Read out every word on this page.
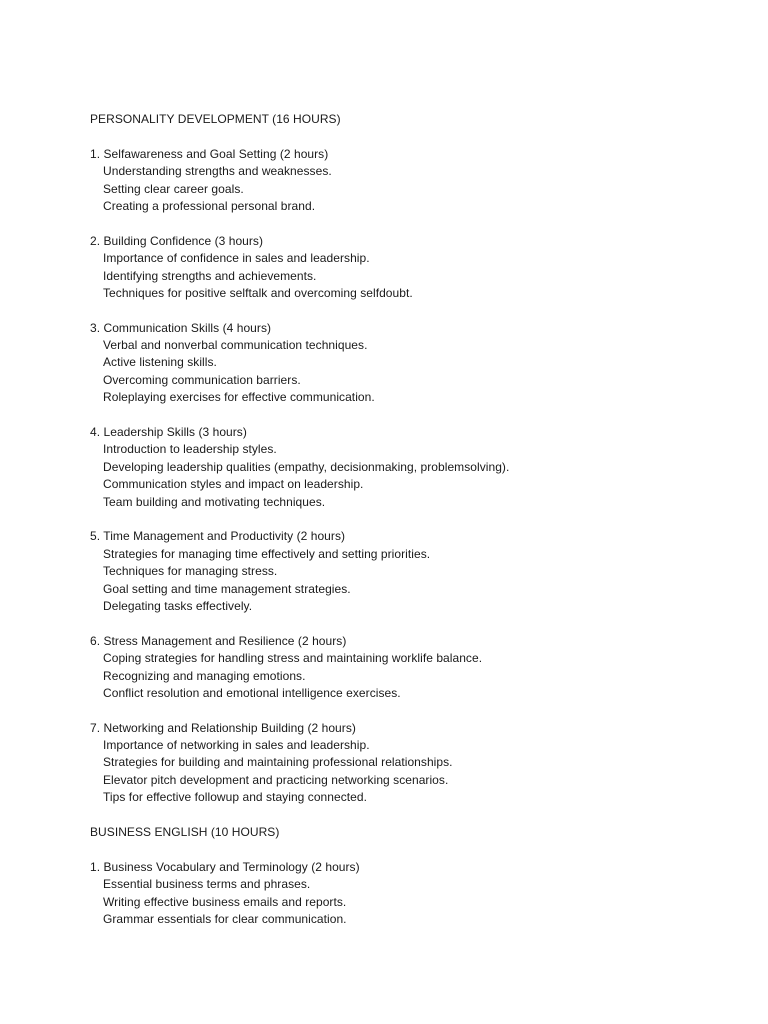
PERSONALITY DEVELOPMENT (16 HOURS)
1. Selfawareness and Goal Setting (2 hours)
Understanding strengths and weaknesses.
Setting clear career goals.
Creating a professional personal brand.
2. Building Confidence (3 hours)
Importance of confidence in sales and leadership.
Identifying strengths and achievements.
Techniques for positive selftalk and overcoming selfdoubt.
3. Communication Skills (4 hours)
Verbal and nonverbal communication techniques.
Active listening skills.
Overcoming communication barriers.
Roleplaying exercises for effective communication.
4. Leadership Skills (3 hours)
Introduction to leadership styles.
Developing leadership qualities (empathy, decisionmaking, problemsolving).
Communication styles and impact on leadership.
Team building and motivating techniques.
5. Time Management and Productivity (2 hours)
Strategies for managing time effectively and setting priorities.
Techniques for managing stress.
Goal setting and time management strategies.
Delegating tasks effectively.
6. Stress Management and Resilience (2 hours)
Coping strategies for handling stress and maintaining worklife balance.
Recognizing and managing emotions.
Conflict resolution and emotional intelligence exercises.
7. Networking and Relationship Building (2 hours)
Importance of networking in sales and leadership.
Strategies for building and maintaining professional relationships.
Elevator pitch development and practicing networking scenarios.
Tips for effective followup and staying connected.
BUSINESS ENGLISH (10 HOURS)
1. Business Vocabulary and Terminology (2 hours)
Essential business terms and phrases.
Writing effective business emails and reports.
Grammar essentials for clear communication.
